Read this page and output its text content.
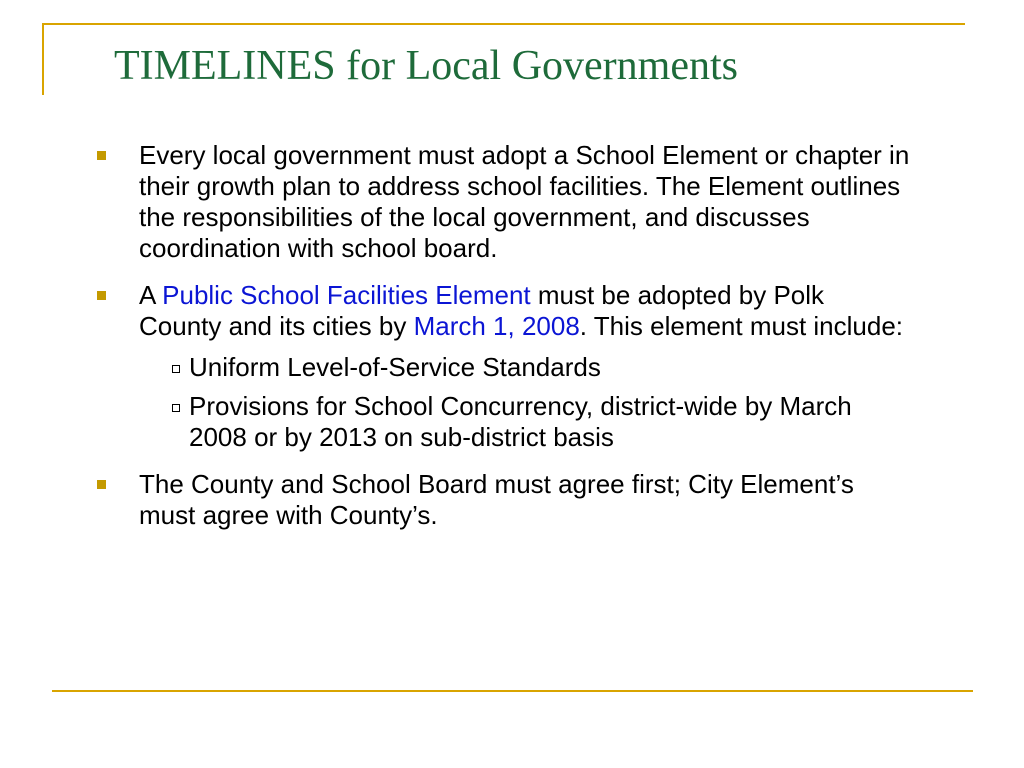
TIMELINES for Local Governments
Every local government must adopt a School Element or chapter in their growth plan to address school facilities. The Element outlines the responsibilities of the local government, and discusses coordination with school board.
A Public School Facilities Element must be adopted by Polk County and its cities by March 1, 2008. This element must include:
Uniform Level-of-Service Standards
Provisions for School Concurrency, district-wide by March 2008 or by 2013 on sub-district basis
The County and School Board must agree first; City Element’s must agree with County’s.
